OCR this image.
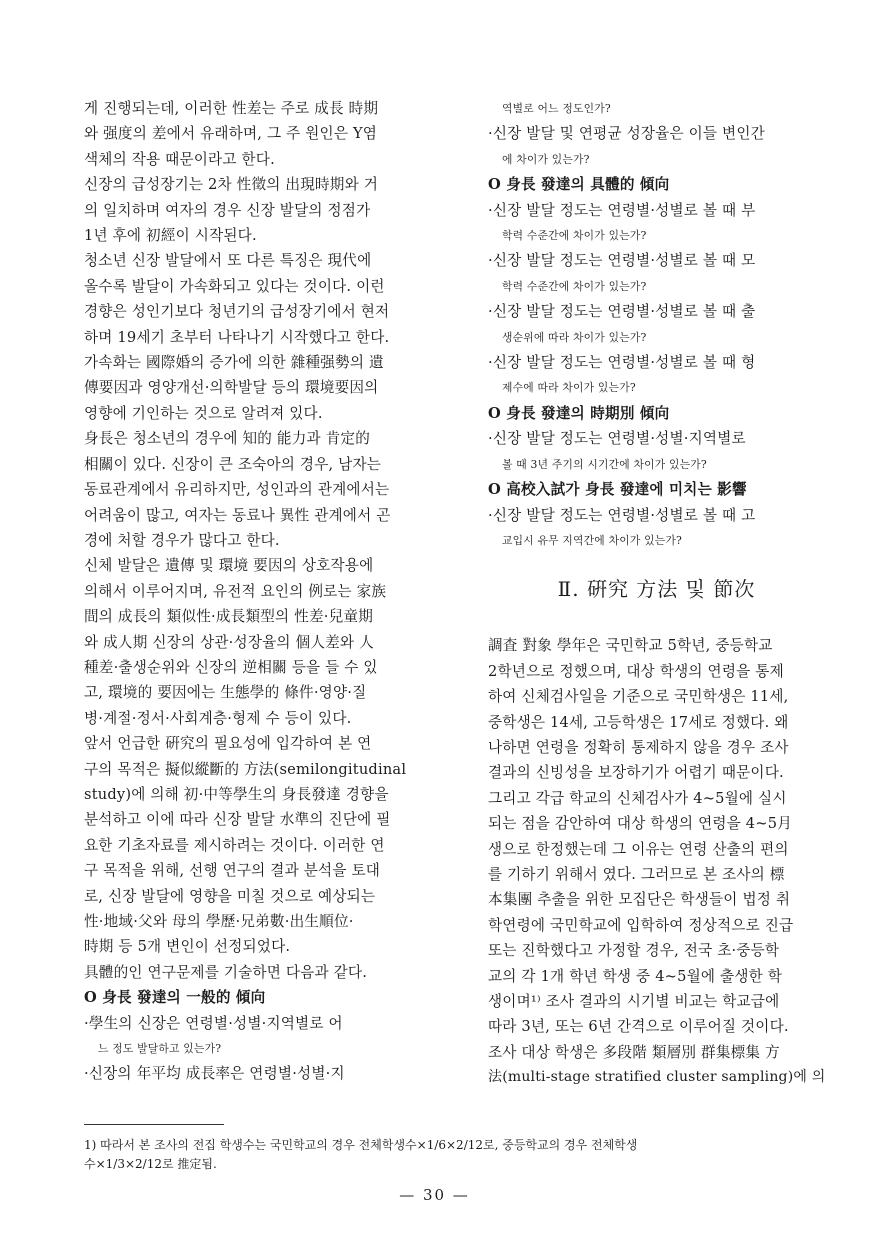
게 진행되는데, 이러한 性差는 주로 成長 時期
와 强度의 差에서 유래하며, 그 주 원인은 Y염
색체의 작용 때문이라고 한다.
신장의 급성장기는 2차 性徵의 出現時期와 거
의 일치하며 여자의 경우 신장 발달의 정점가
1년 후에 初經이 시작된다.
청소년 신장 발달에서 또 다른 특징은 現代에
올수록 발달이 가속화되고 있다는 것이다. 이런
경향은 성인기보다 청년기의 급성장기에서 현저
하며 19세기 초부터 나타나기 시작했다고 한다.
가속화는 國際婚의 증가에 의한 雜種强勢의 遺
傳要因과 영양개선·의학발달 등의 環境要因의
영향에 기인하는 것으로 알려져 있다.
身長은 청소년의 경우에 知的 能力과 肯定的
相關이 있다. 신장이 큰 조숙아의 경우, 남자는
동료관계에서 유리하지만, 성인과의 관계에서는
어려움이 많고, 여자는 동료나 異性 관계에서 곤
경에 처할 경우가 많다고 한다.
신체 발달은 遺傳 및 環境 要因의 상호작용에
의해서 이루어지며, 유전적 요인의 例로는 家族
間의 成長의 類似性·成長類型의 性差·兒童期
와 成人期 신장의 상관·성장율의 個人差와 人
種差·출생순위와 신장의 逆相關 등을 들 수 있
고, 環境的 要因에는 生態學的 條件·영양·질
병·계절·정서·사회계층·형제 수 등이 있다.
앞서 언급한 硏究의 필요성에 입각하여 본 연
구의 목적은 擬似縱斷的 方法(semilongitudinal
study)에 의해 初·中等學生의 身長發達 경향을
분석하고 이에 따라 신장 발달 水準의 진단에 필
요한 기초자료를 제시하려는 것이다. 이러한 연
구 목적을 위해, 선행 연구의 결과 분석을 토대
로, 신장 발달에 영향을 미칠 것으로 예상되는
性·地域·父와 母의 學歷·兄弟數·出生順位·
時期 등 5개 변인이 선정되었다.
具體的인 연구문제를 기술하면 다음과 같다.
O 身長 發達의 一般的 傾向
·學生의 신장은 연령별·성별·지역별로 어
느 정도 발달하고 있는가?
·신장의 年平均 成長率은 연령별·성별·지
역별로 어느 정도인가?
·신장 발달 및 연평균 성장율은 이들 변인간
에 차이가 있는가?
O 身長 發達의 具體的 傾向
·신장 발달 정도는 연령별·성별로 볼 때 부
학력 수준간에 차이가 있는가?
·신장 발달 정도는 연령별·성별로 볼 때 모
학력 수준간에 차이가 있는가?
·신장 발달 정도는 연령별·성별로 볼 때 출
생순위에 따라 차이가 있는가?
·신장 발달 정도는 연령별·성별로 볼 때 형
제수에 따라 차이가 있는가?
O 身長 發達의 時期別 傾向
·신장 발달 정도는 연령별·성별·지역별로
볼 때 3년 주기의 시기간에 차이가 있는가?
O 高校入試가 身長 發達에 미치는 影響
·신장 발달 정도는 연령별·성별로 볼 때 고
교입시 유무 지역간에 차이가 있는가?
Ⅱ. 硏究 方法 및 節次
調査 對象 學年은 국민학교 5학년, 중등학교
2학년으로 정했으며, 대상 학생의 연령을 통제
하여 신체검사일을 기준으로 국민학생은 11세,
중학생은 14세, 고등학생은 17세로 정했다. 왜
나하면 연령을 정확히 통제하지 않을 경우 조사
결과의 신빙성을 보장하기가 어렵기 때문이다.
그리고 각급 학교의 신체검사가 4~5월에 실시
되는 점을 감안하여 대상 학생의 연령을 4~5月
생으로 한정했는데 그 이유는 연령 산출의 편의
를 기하기 위해서 였다. 그러므로 본 조사의 標
本集團 추출을 위한 모집단은 학생들이 법정 취
학연령에 국민학교에 입학하여 정상적으로 진급
또는 진학했다고 가정할 경우, 전국 초·중등학
교의 각 1개 학년 학생 중 4~5월에 출생한 학
생이며¹⁾ 조사 결과의 시기별 비교는 학교급에
따라 3년, 또는 6년 간격으로 이루어질 것이다.
조사 대상 학생은 多段階 類層別 群集標集 方
法(multi-stage stratified cluster sampling)에 의
1) 따라서 본 조사의 전집 학생수는 국민학교의 경우 전체학생수×1/6×2/12로, 중등학교의 경우 전체학생
수×1/3×2/12로 推定됨.
— 30 —
